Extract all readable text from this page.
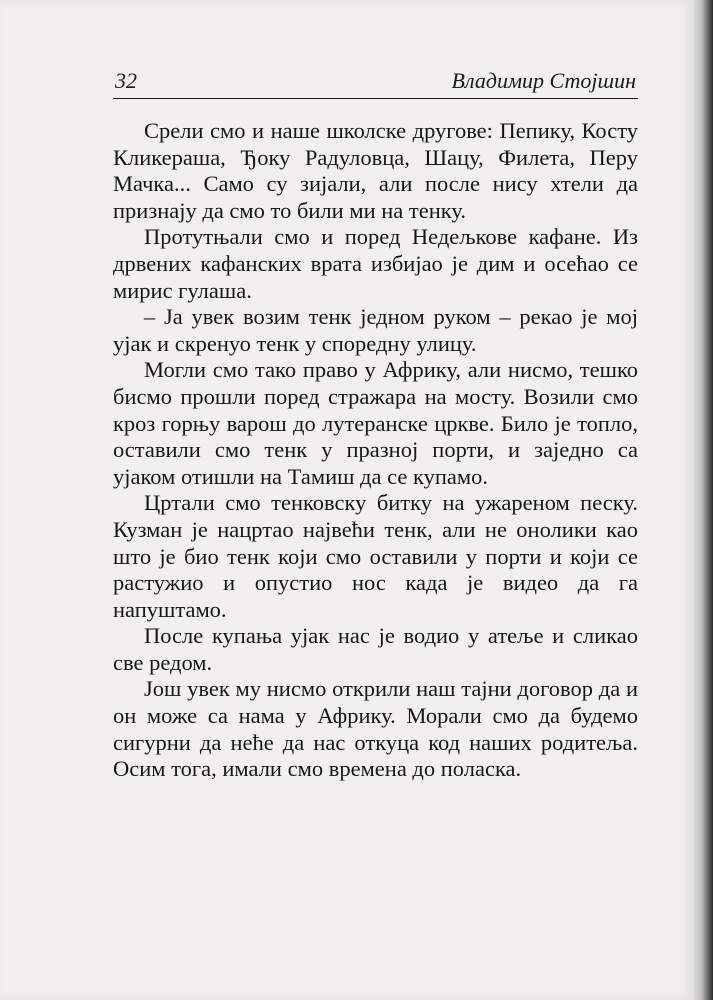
32	Владимир Стојшин

Срели смо и наше школске другове: Пепику, Косту Кликераша, Ђоку Радуловца, Шацу, Филета, Перу Мачка... Само су зијали, али после нису хтели да признају да смо то били ми на тенку.

Протутњали смо и поред Недељкове кафане. Из дрвених кафанских врата избијао је дим и осећао се мирис гулаша.

– Ја увек возим тенк једном руком – рекао је мој ујак и скренуо тенк у споредну улицу.

Могли смо тако право у Африку, али нисмо, тешко бисмо прошли поред стражара на мосту. Возили смо кроз горњу варош до лутеранске цркве. Било је топло, оставили смо тенк у празној порти, и заједно са ујаком отишли на Тамиш да се купамо.

Цртали смо тенковску битку на ужареном песку. Кузман је нацртао највећи тенк, али не онолики као што је био тенк који смо оставили у порти и који се растужио и опустио нос када је видео да га напуштамо.

После купања ујак нас је водио у атеље и сликао све редом.

Још увек му нисмо открили наш тајни договор да и он може са нама у Африку. Морали смо да будемо сигурни да неће да нас откуца код наших родитеља. Осим тога, имали смо времена до поласка.
